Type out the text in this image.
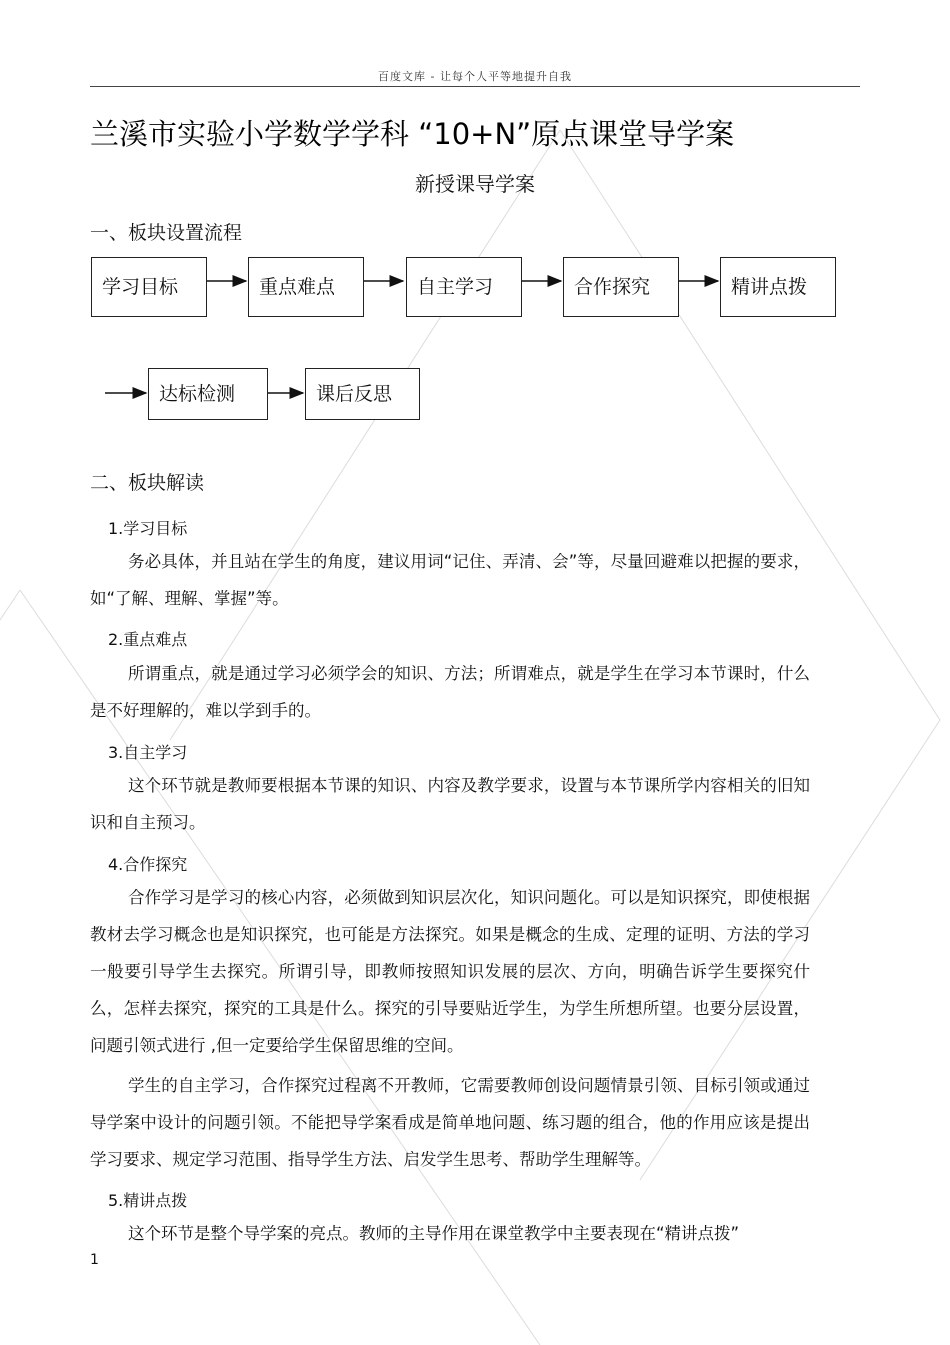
百度文库 - 让每个人平等地提升自我
兰溪市实验小学数学学科 “10+N”原点课堂导学案
新授课导学案
一、板块设置流程
学习目标	重点难点	自主学习	合作探究	精讲点拨
达标检测	课后反思
二、板块解读
1.学习目标
务必具体，并且站在学生的角度，建议用词“记住、弄清、会”等，尽量回避难以把握的要求，如“了解、理解、掌握”等。
2.重点难点
所谓重点，就是通过学习必须学会的知识、方法；所谓难点，就是学生在学习本节课时，什么是不好理解的，难以学到手的。
3.自主学习
这个环节就是教师要根据本节课的知识、内容及教学要求，设置与本节课所学内容相关的旧知识和自主预习。
4.合作探究
合作学习是学习的核心内容，必须做到知识层次化，知识问题化。可以是知识探究，即使根据教材去学习概念也是知识探究，也可能是方法探究。如果是概念的生成、定理的证明、方法的学习一般要引导学生去探究。所谓引导，即教师按照知识发展的层次、方向，明确告诉学生要探究什么，怎样去探究，探究的工具是什么。探究的引导要贴近学生，为学生所想所望。也要分层设置，问题引领式进行 ,但一定要给学生保留思维的空间。
学生的自主学习，合作探究过程离不开教师，它需要教师创设问题情景引领、目标引领或通过导学案中设计的问题引领。不能把导学案看成是简单地问题、练习题的组合，他的作用应该是提出学习要求、规定学习范围、指导学生方法、启发学生思考、帮助学生理解等。
5.精讲点拨
这个环节是整个导学案的亮点。教师的主导作用在课堂教学中主要表现在“精讲点拨”
1
